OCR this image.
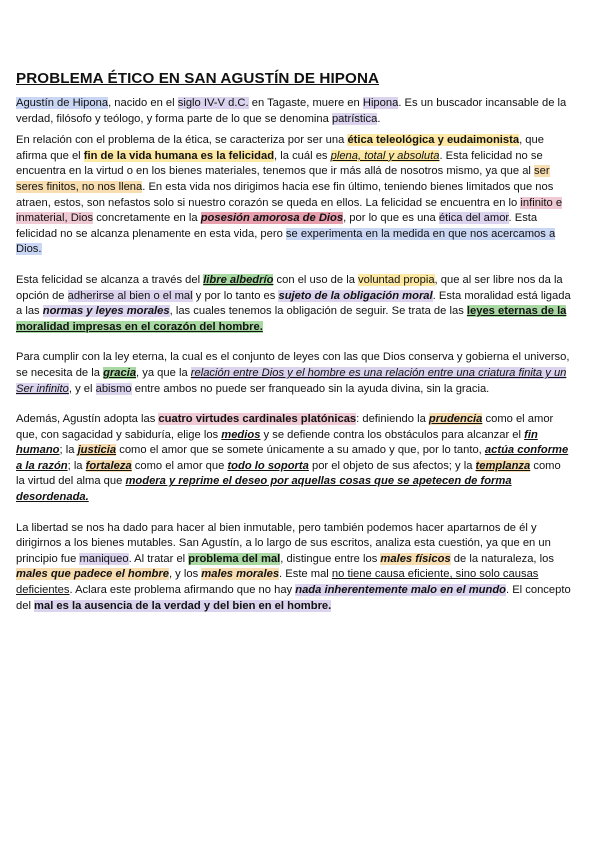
PROBLEMA ÉTICO EN SAN AGUSTÍN DE HIPONA

Agustín de Hipona, nacido en el siglo IV-V d.C. en Tagaste, muere en Hipona. Es un buscador incansable de la verdad, filósofo y teólogo, y forma parte de lo que se denomina patrística.

En relación con el problema de la ética, se caracteriza por ser una ética teleológica y eudaimonista, que afirma que el fin de la vida humana es la felicidad, la cuál es plena, total y absoluta. Esta felicidad no se encuentra en la virtud o en los bienes materiales, tenemos que ir más allá de nosotros mismo, ya que al ser seres finitos, no nos llena. En esta vida nos dirigimos hacia ese fin último, teniendo bienes limitados que nos atraen, estos, son nefastos solo si nuestro corazón se queda en ellos. La felicidad se encuentra en lo infinito e inmaterial, Dios concretamente en la posesión amorosa de Dios, por lo que es una ética del amor. Esta felicidad no se alcanza plenamente en esta vida, pero se experimenta en la medida en que nos acercamos a Dios.

Esta felicidad se alcanza a través del libre albedrío con el uso de la voluntad propia, que al ser libre nos da la opción de adherirse al bien o el mal y por lo tanto es sujeto de la obligación moral. Esta moralidad está ligada a las normas y leyes morales, las cuales tenemos la obligación de seguir. Se trata de las leyes eternas de la moralidad impresas en el corazón del hombre.

Para cumplir con la ley eterna, la cual es el conjunto de leyes con las que Dios conserva y gobierna el universo, se necesita de la gracia, ya que la relación entre Dios y el hombre es una relación entre una criatura finita y un Ser infinito, y el abismo entre ambos no puede ser franqueado sin la ayuda divina, sin la gracia.

Además, Agustín adopta las cuatro virtudes cardinales platónicas: definiendo la prudencia como el amor que, con sagacidad y sabiduría, elige los medios y se defiende contra los obstáculos para alcanzar el fin humano; la justicia como el amor que se somete únicamente a su amado y que, por lo tanto, actúa conforme a la razón; la fortaleza como el amor que todo lo soporta por el objeto de sus afectos; y la templanza como la virtud del alma que modera y reprime el deseo por aquellas cosas que se apetecen de forma desordenada.

La libertad se nos ha dado para hacer al bien inmutable, pero también podemos hacer apartarnos de él y dirigirnos a los bienes mutables. San Agustín, a lo largo de sus escritos, analiza esta cuestión, ya que en un principio fue maniqueo. Al tratar el problema del mal, distingue entre los males físicos de la naturaleza, los males que padece el hombre, y los males morales. Este mal no tiene causa eficiente, sino solo causas deficientes. Aclara este problema afirmando que no hay nada inherentemente malo en el mundo. El concepto del mal es la ausencia de la verdad y del bien en el hombre.
